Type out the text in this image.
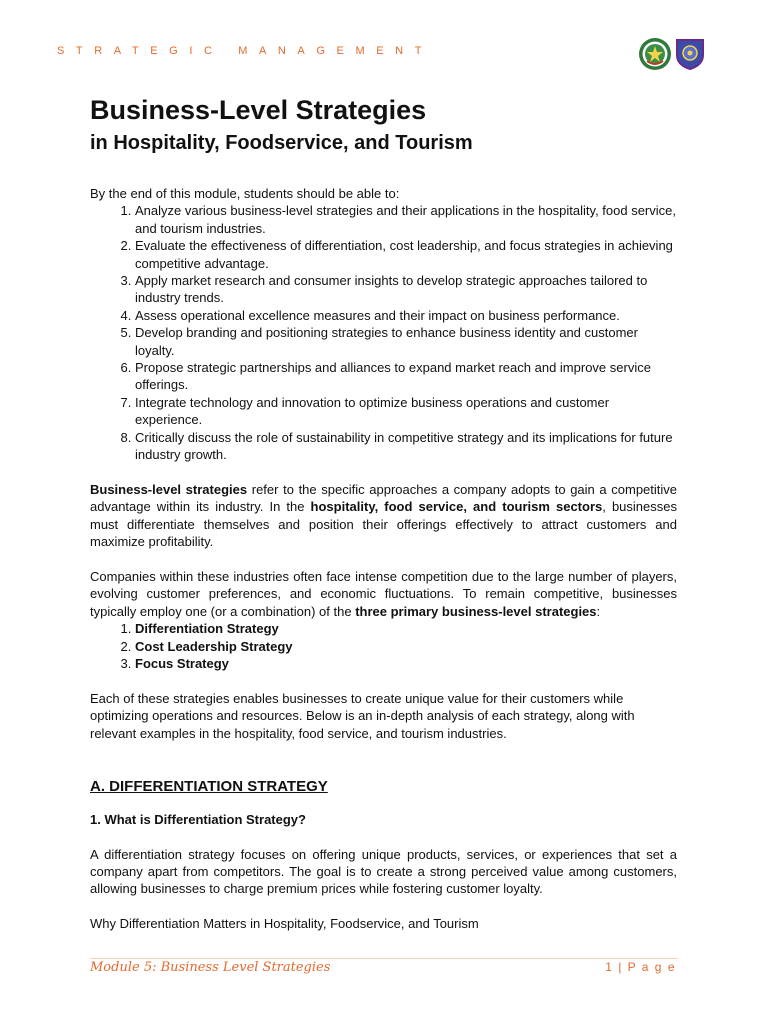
STRATEGIC MANAGEMENT
Business-Level Strategies
in Hospitality, Foodservice, and Tourism

By the end of this module, students should be able to:

1. Analyze various business-level strategies and their applications in the hospitality, food service, and tourism industries.
2. Evaluate the effectiveness of differentiation, cost leadership, and focus strategies in achieving competitive advantage.
3. Apply market research and consumer insights to develop strategic approaches tailored to industry trends.
4. Assess operational excellence measures and their impact on business performance.
5. Develop branding and positioning strategies to enhance business identity and customer loyalty.
6. Propose strategic partnerships and alliances to expand market reach and improve service offerings.
7. Integrate technology and innovation to optimize business operations and customer experience.
8. Critically discuss the role of sustainability in competitive strategy and its implications for future industry growth.

Business-level strategies refer to the specific approaches a company adopts to gain a competitive advantage within its industry. In the hospitality, food service, and tourism sectors, businesses must differentiate themselves and position their offerings effectively to attract customers and maximize profitability.

Companies within these industries often face intense competition due to the large number of players, evolving customer preferences, and economic fluctuations. To remain competitive, businesses typically employ one (or a combination) of the three primary business-level strategies:

1. Differentiation Strategy
2. Cost Leadership Strategy
3. Focus Strategy

Each of these strategies enables businesses to create unique value for their customers while optimizing operations and resources. Below is an in-depth analysis of each strategy, along with relevant examples in the hospitality, food service, and tourism industries.

A. DIFFERENTIATION STRATEGY

1. What is Differentiation Strategy?

A differentiation strategy focuses on offering unique products, services, or experiences that set a company apart from competitors. The goal is to create a strong perceived value among customers, allowing businesses to charge premium prices while fostering customer loyalty.

Why Differentiation Matters in Hospitality, Foodservice, and Tourism

Module 5: Business Level Strategies	1 | P a g e
